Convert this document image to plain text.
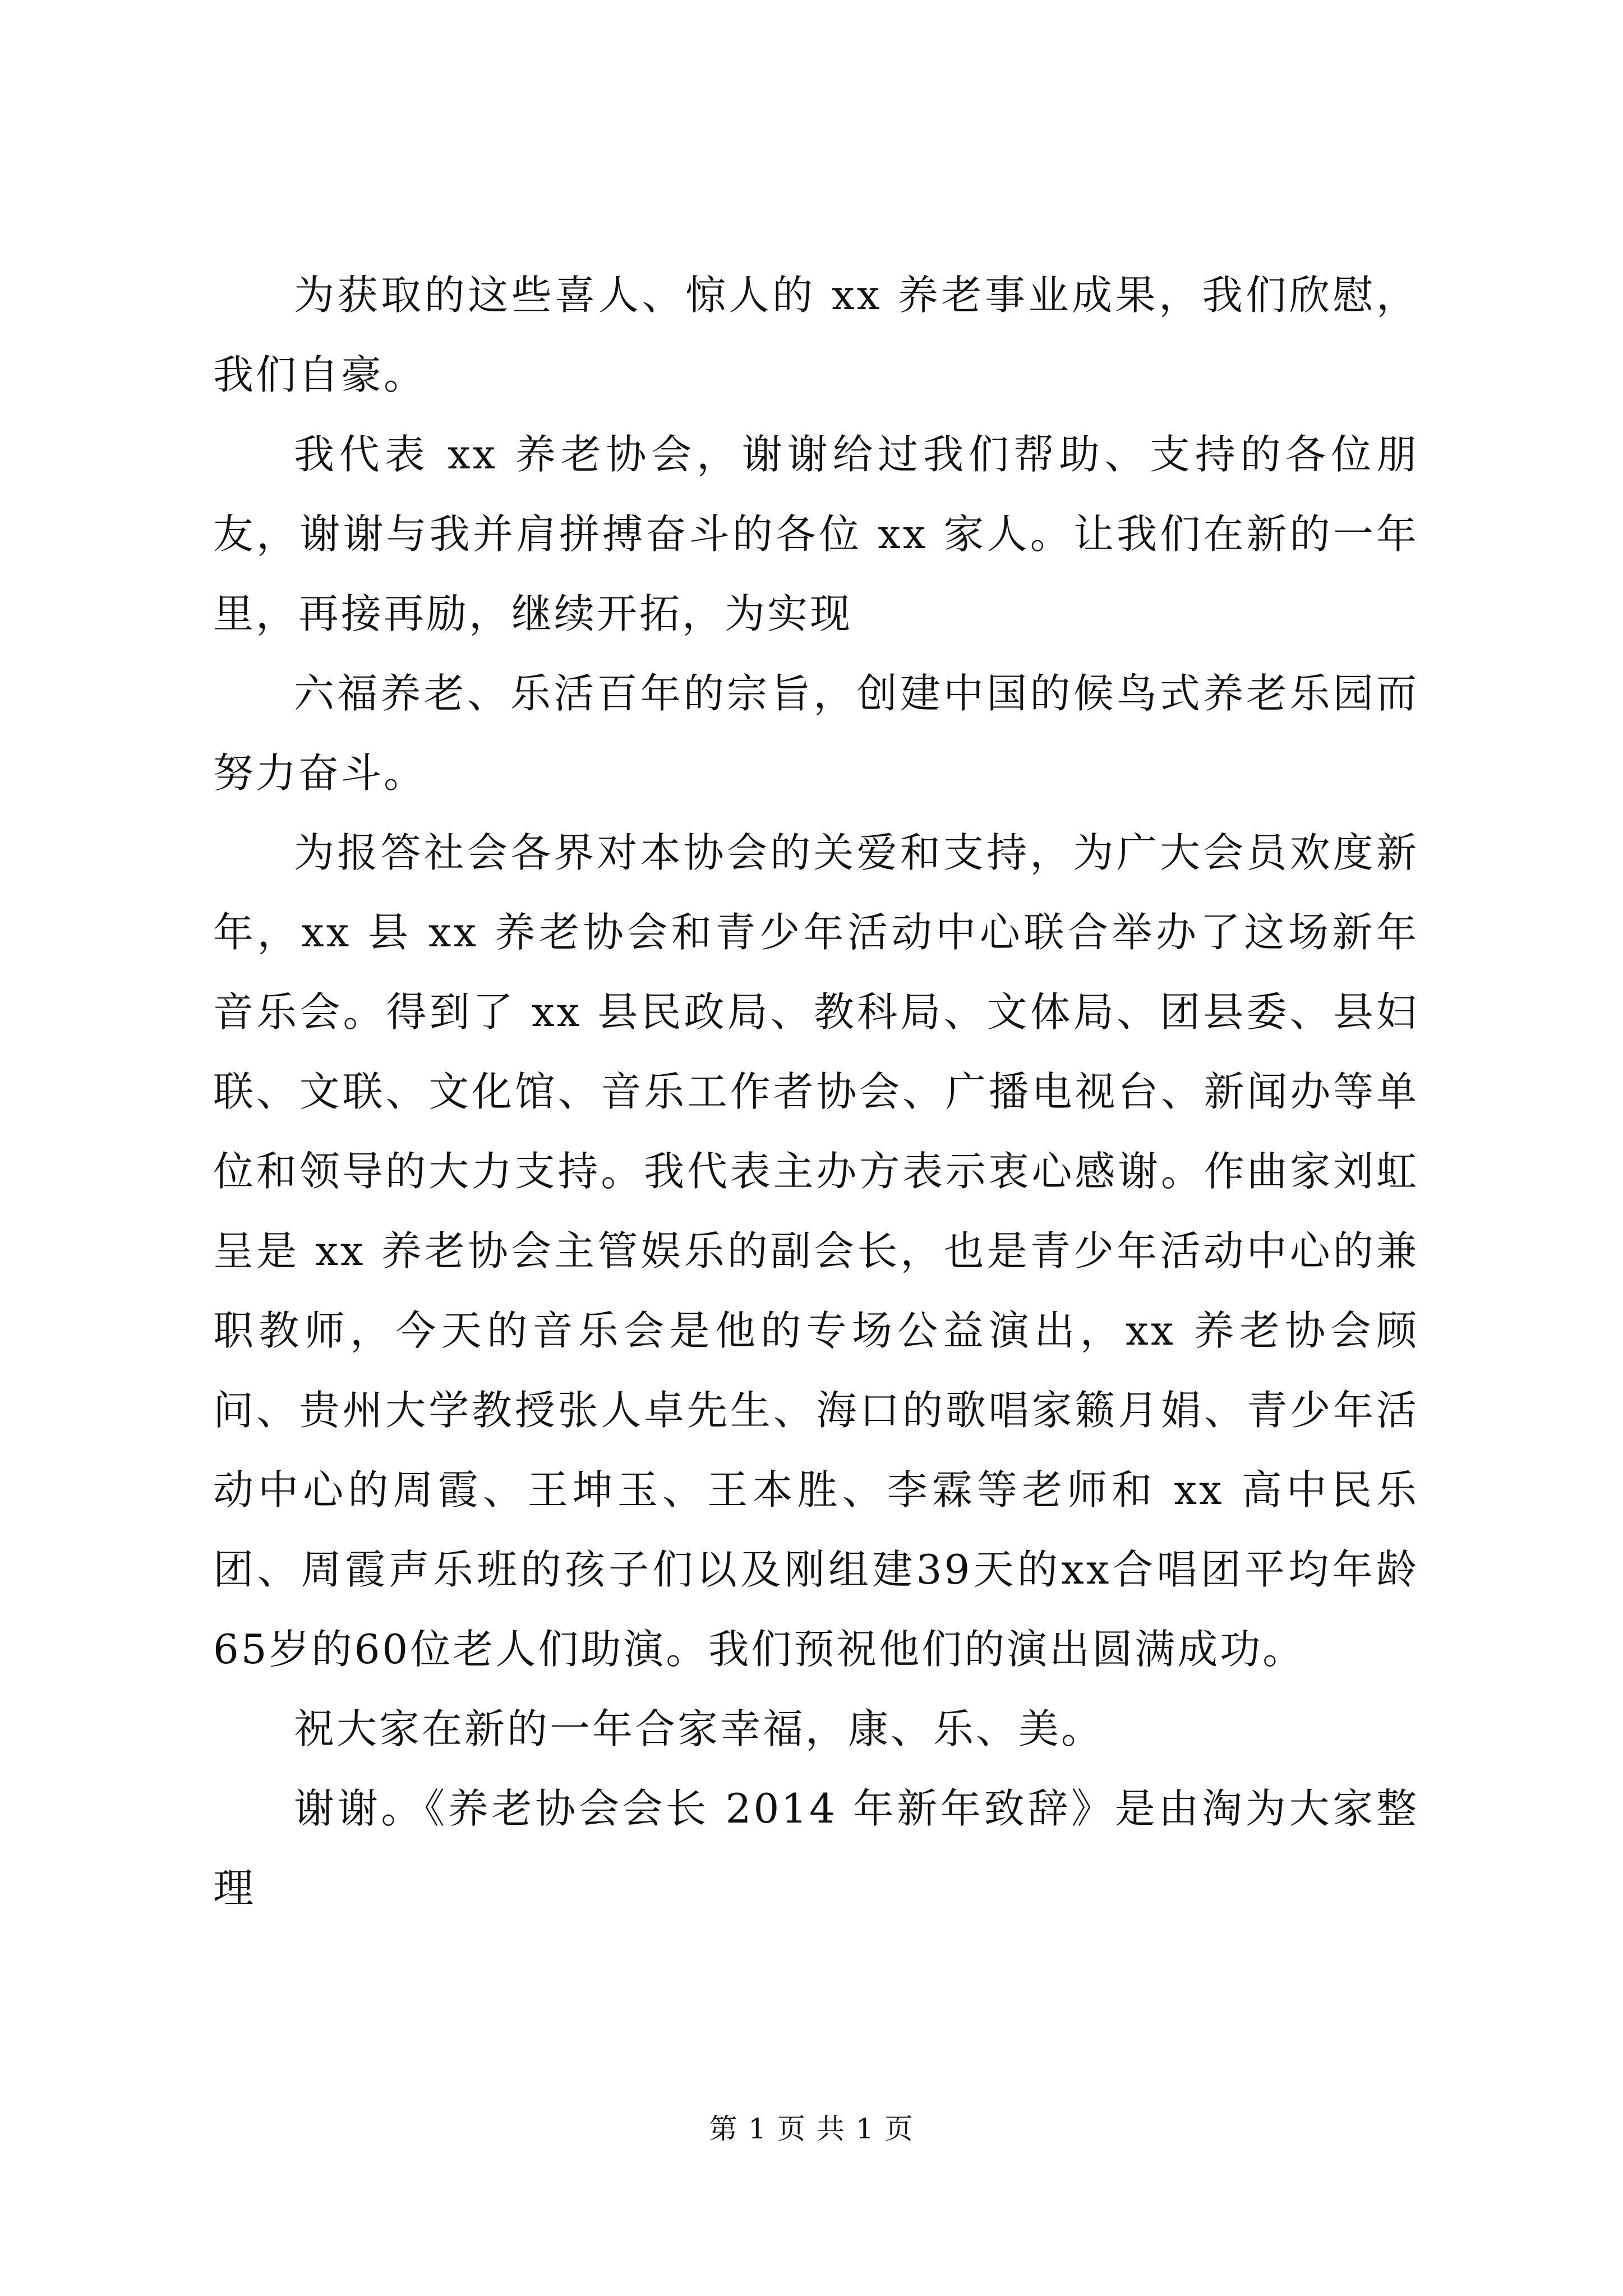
为获取的这些喜人、惊人的 xx 养老事业成果，我们欣慰，我们自豪。

我代表 xx 养老协会，谢谢给过我们帮助、支持的各位朋友，谢谢与我并肩拼搏奋斗的各位 xx 家人。让我们在新的一年里，再接再励，继续开拓，为实现

六福养老、乐活百年的宗旨，创建中国的候鸟式养老乐园而努力奋斗。

为报答社会各界对本协会的关爱和支持，为广大会员欢度新年，xx 县 xx 养老协会和青少年活动中心联合举办了这场新年音乐会。得到了 xx 县民政局、教科局、文体局、团县委、县妇联、文联、文化馆、音乐工作者协会、广播电视台、新闻办等单位和领导的大力支持。我代表主办方表示衷心感谢。作曲家刘虹呈是 xx 养老协会主管娱乐的副会长，也是青少年活动中心的兼职教师，今天的音乐会是他的专场公益演出，xx 养老协会顾问、贵州大学教授张人卓先生、海口的歌唱家籁月娟、青少年活动中心的周霞、王坤玉、王本胜、李霖等老师和 xx 高中民乐团、周霞声乐班的孩子们以及刚组建39天的xx合唱团平均年龄65岁的60位老人们助演。我们预祝他们的演出圆满成功。

祝大家在新的一年合家幸福，康、乐、美。

谢谢。《养老协会会长 2014 年新年致辞》是由淘为大家整理

第 1 页 共 1 页
